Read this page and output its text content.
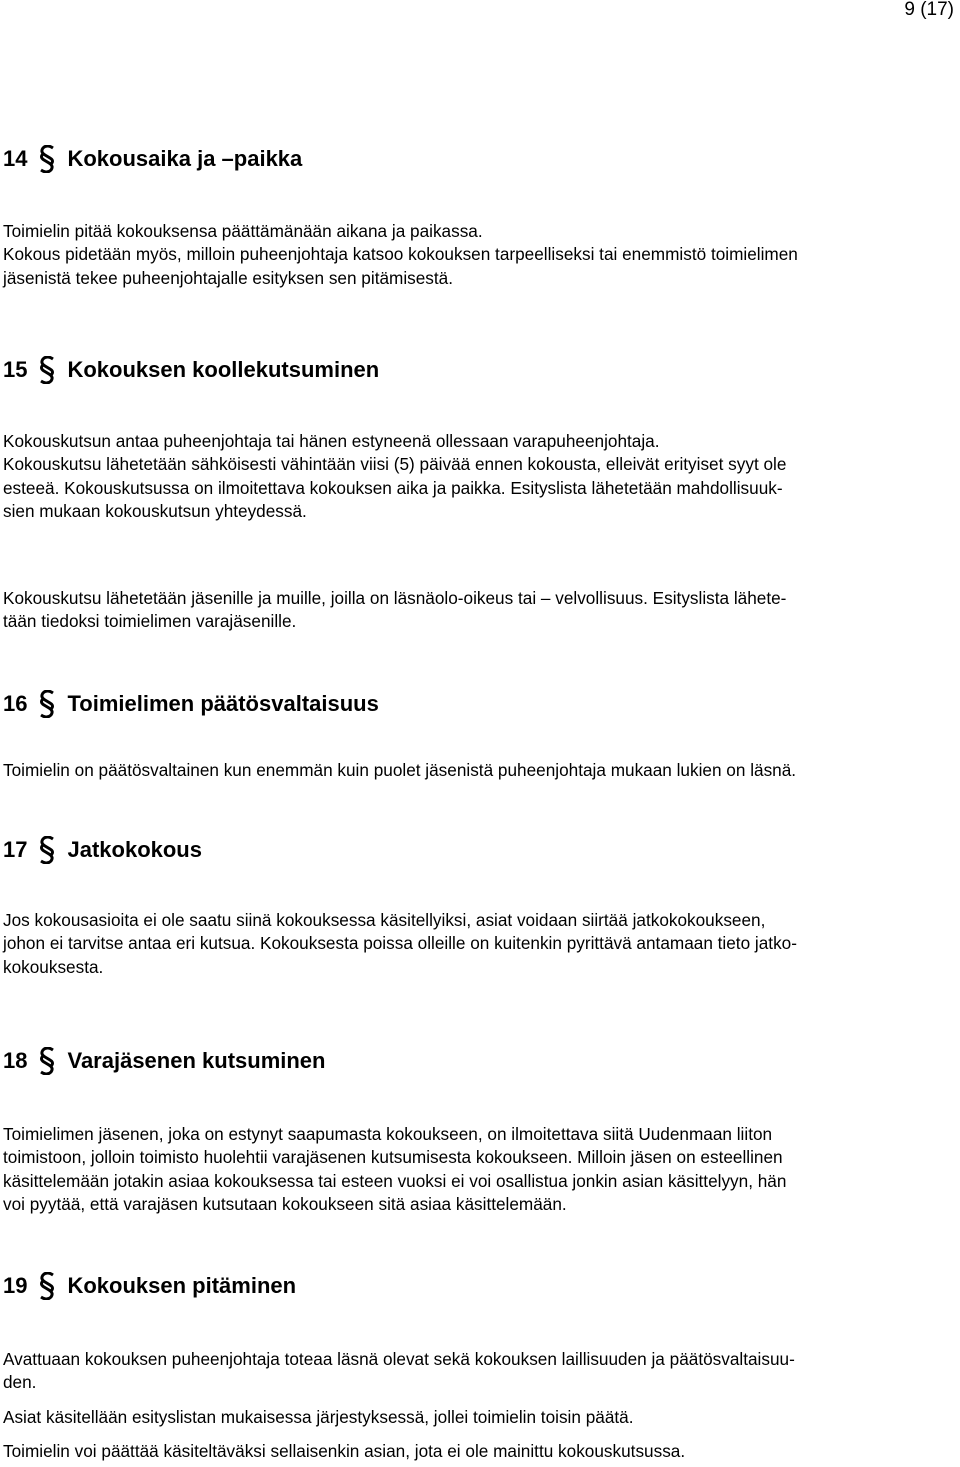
9 (17)
14 Kokousaika ja –paikka

Toimielin pitää kokouksensa päättämänään aikana ja paikassa.
Kokous pidetään myös, milloin puheenjohtaja katsoo kokouksen tarpeelliseksi tai enemmistö toimielimen
jäsenistä tekee puheenjohtajalle esityksen sen pitämisestä.

15 Kokouksen koollekutsuminen

Kokouskutsun antaa puheenjohtaja tai hänen estyneenä ollessaan varapuheenjohtaja.
Kokouskutsu lähetetään sähköisesti vähintään viisi (5) päivää ennen kokousta, elleivät erityiset syyt ole
esteeä. Kokouskutsussa on ilmoitettava kokouksen aika ja paikka. Esityslista lähetetään mahdollisuuk-
sien mukaan kokouskutsun yhteydessä.

Kokouskutsu lähetetään jäsenille ja muille, joilla on läsnäolo-oikeus tai – velvollisuus. Esityslista lähete-
tään tiedoksi toimielimen varajäsenille.

16 Toimielimen päätösvaltaisuus

Toimielin on päätösvaltainen kun enemmän kuin puolet jäsenistä puheenjohtaja mukaan lukien on läsnä.

17 Jatkokokous

Jos kokousasioita ei ole saatu siinä kokouksessa käsitellyiksi, asiat voidaan siirtää jatkokokoukseen,
johon ei tarvitse antaa eri kutsua. Kokouksesta poissa olleille on kuitenkin pyrittävä antamaan tieto jatko-
kokouksesta.

18 Varajäsenen kutsuminen

Toimielimen jäsenen, joka on estynyt saapumasta kokoukseen, on ilmoitettava siitä Uudenmaan liiton
toimistoon, jolloin toimisto huolehtii varajäsenen kutsumisesta kokoukseen. Milloin jäsen on esteellinen
käsittelemään jotakin asiaa kokouksessa tai esteen vuoksi ei voi osallistua jonkin asian käsittelyyn, hän
voi pyytää, että varajäsen kutsutaan kokoukseen sitä asiaa käsittelemään.

19 Kokouksen pitäminen

Avattuaan kokouksen puheenjohtaja toteaa läsnä olevat sekä kokouksen laillisuuden ja päätösvaltaisuu-
den.

Asiat käsitellään esityslistan mukaisessa järjestyksessä, jollei toimielin toisin päätä.

Toimielin voi päättää käsiteltäväksi sellaisenkin asian, jota ei ole mainittu kokouskutsussa.
